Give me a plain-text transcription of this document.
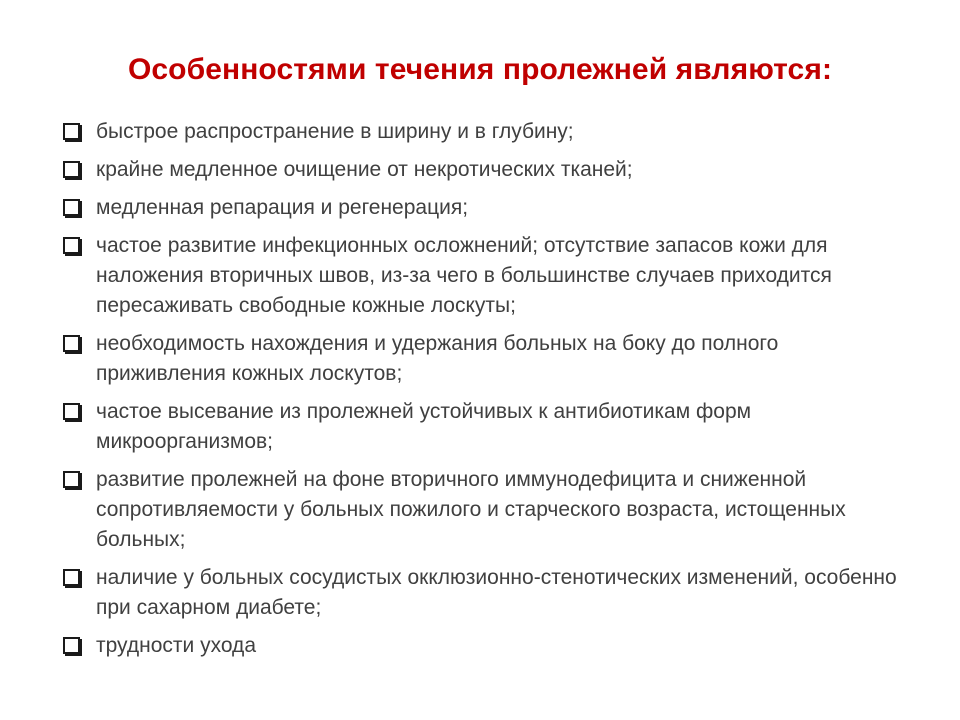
Особенностями течения пролежней являются:
быстрое распространение в ширину и в глубину;
крайне медленное очищение от некротических тканей;
медленная репарация и регенерация;
частое развитие инфекционных осложнений; отсутствие запасов кожи для наложения вторичных швов, из-за чего в большинстве случаев приходится пересаживать свободные кожные лоскуты;
необходимость нахождения и удержания больных на боку до полного приживления кожных лоскутов;
частое высевание из пролежней устойчивых к антибиотикам форм микроорганизмов;
развитие пролежней на фоне вторичного иммунодефицита и сниженной сопротивляемости у больных пожилого и старческого возраста, истощенных больных;
наличие у больных сосудистых окклюзионно-стенотических изменений, особенно при сахарном диабете;
трудности ухода
